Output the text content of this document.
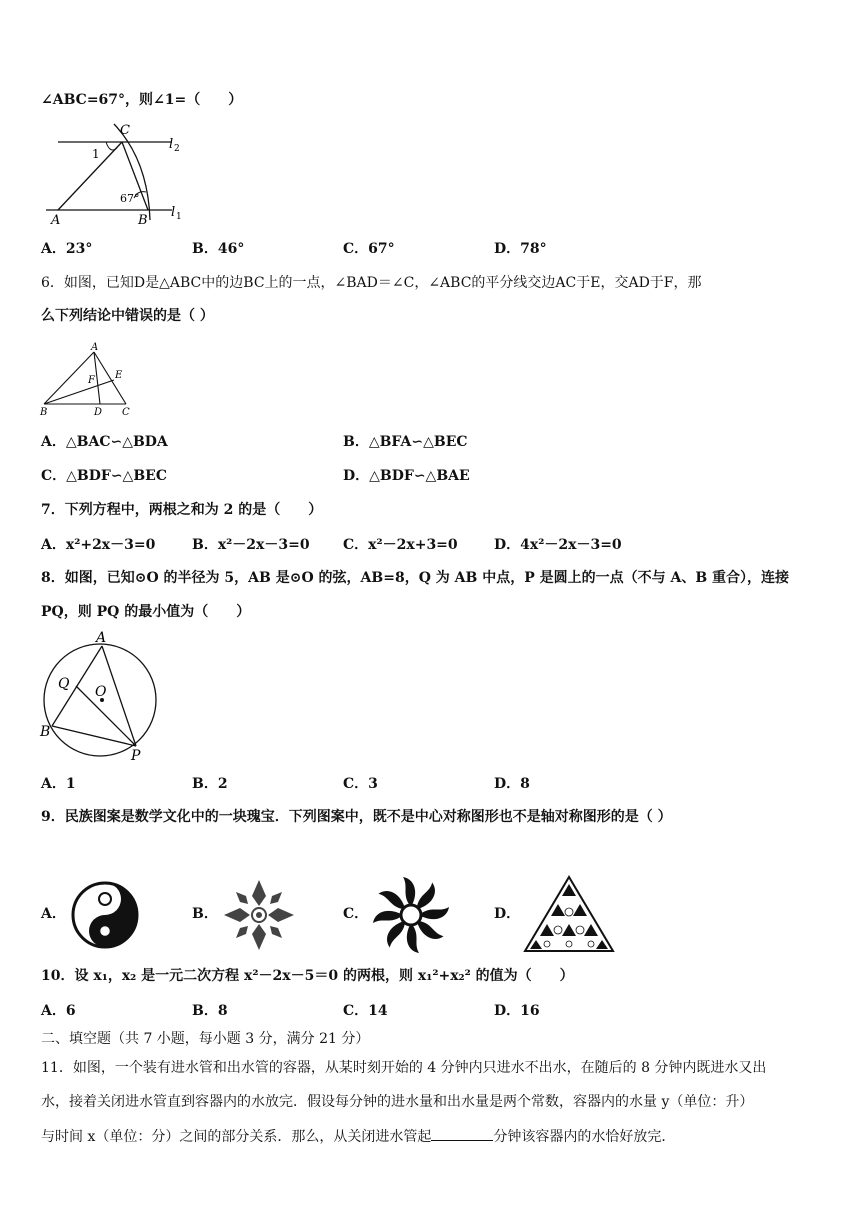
∠ABC=67°，则∠1=（　　）
C
l 2
1
67°
A	B
l 1
A．23°	B．46°	C．67°	D．78°
6．如图，已知D是△ABC中的边BC上的一点，∠BAD＝∠C，∠ABC的平分线交边AC于E，交AD于F，那
么下列结论中错误的是（ ）
A
F E
B	D C
A．△BAC∽△BDA	B．△BFA∽△BEC
C．△BDF∽△BEC	D．△BDF∽△BAE
7．下列方程中，两根之和为 2 的是（　　）
A．x²+2x－3=0	B．x²－2x－3=0 C．x²－2x+3=0	D．4x²－2x－3=0
8．如图，已知⊙O 的半径为 5，AB 是⊙O 的弦，AB=8，Q 为 AB 中点，P 是圆上的一点（不与 A、B 重合），连接
PQ，则 PQ 的最小值为（　　）
A
Q O
B
P
A．1	B．2	C．3	D．8
9．民族图案是数学文化中的一块瑰宝．下列图案中，既不是中心对称图形也不是轴对称图形的是（ ）
A．	B．	C．	D．
10．设 x₁，x₂ 是一元二次方程 x²－2x－5＝0 的两根，则 x₁²+x₂² 的值为（　　）
A．6	B．8	C．14	D．16
二、填空题（共 7 小题，每小题 3 分，满分 21 分）
11．如图，一个装有进水管和出水管的容器，从某时刻开始的 4 分钟内只进水不出水，在随后的 8 分钟内既进水又出
水，接着关闭进水管直到容器内的水放完．假设每分钟的进水量和出水量是两个常数，容器内的水量 y（单位：升）
与时间 x（单位：分）之间的部分关系．那么，从关闭进水管起	分钟该容器内的水恰好放完．
